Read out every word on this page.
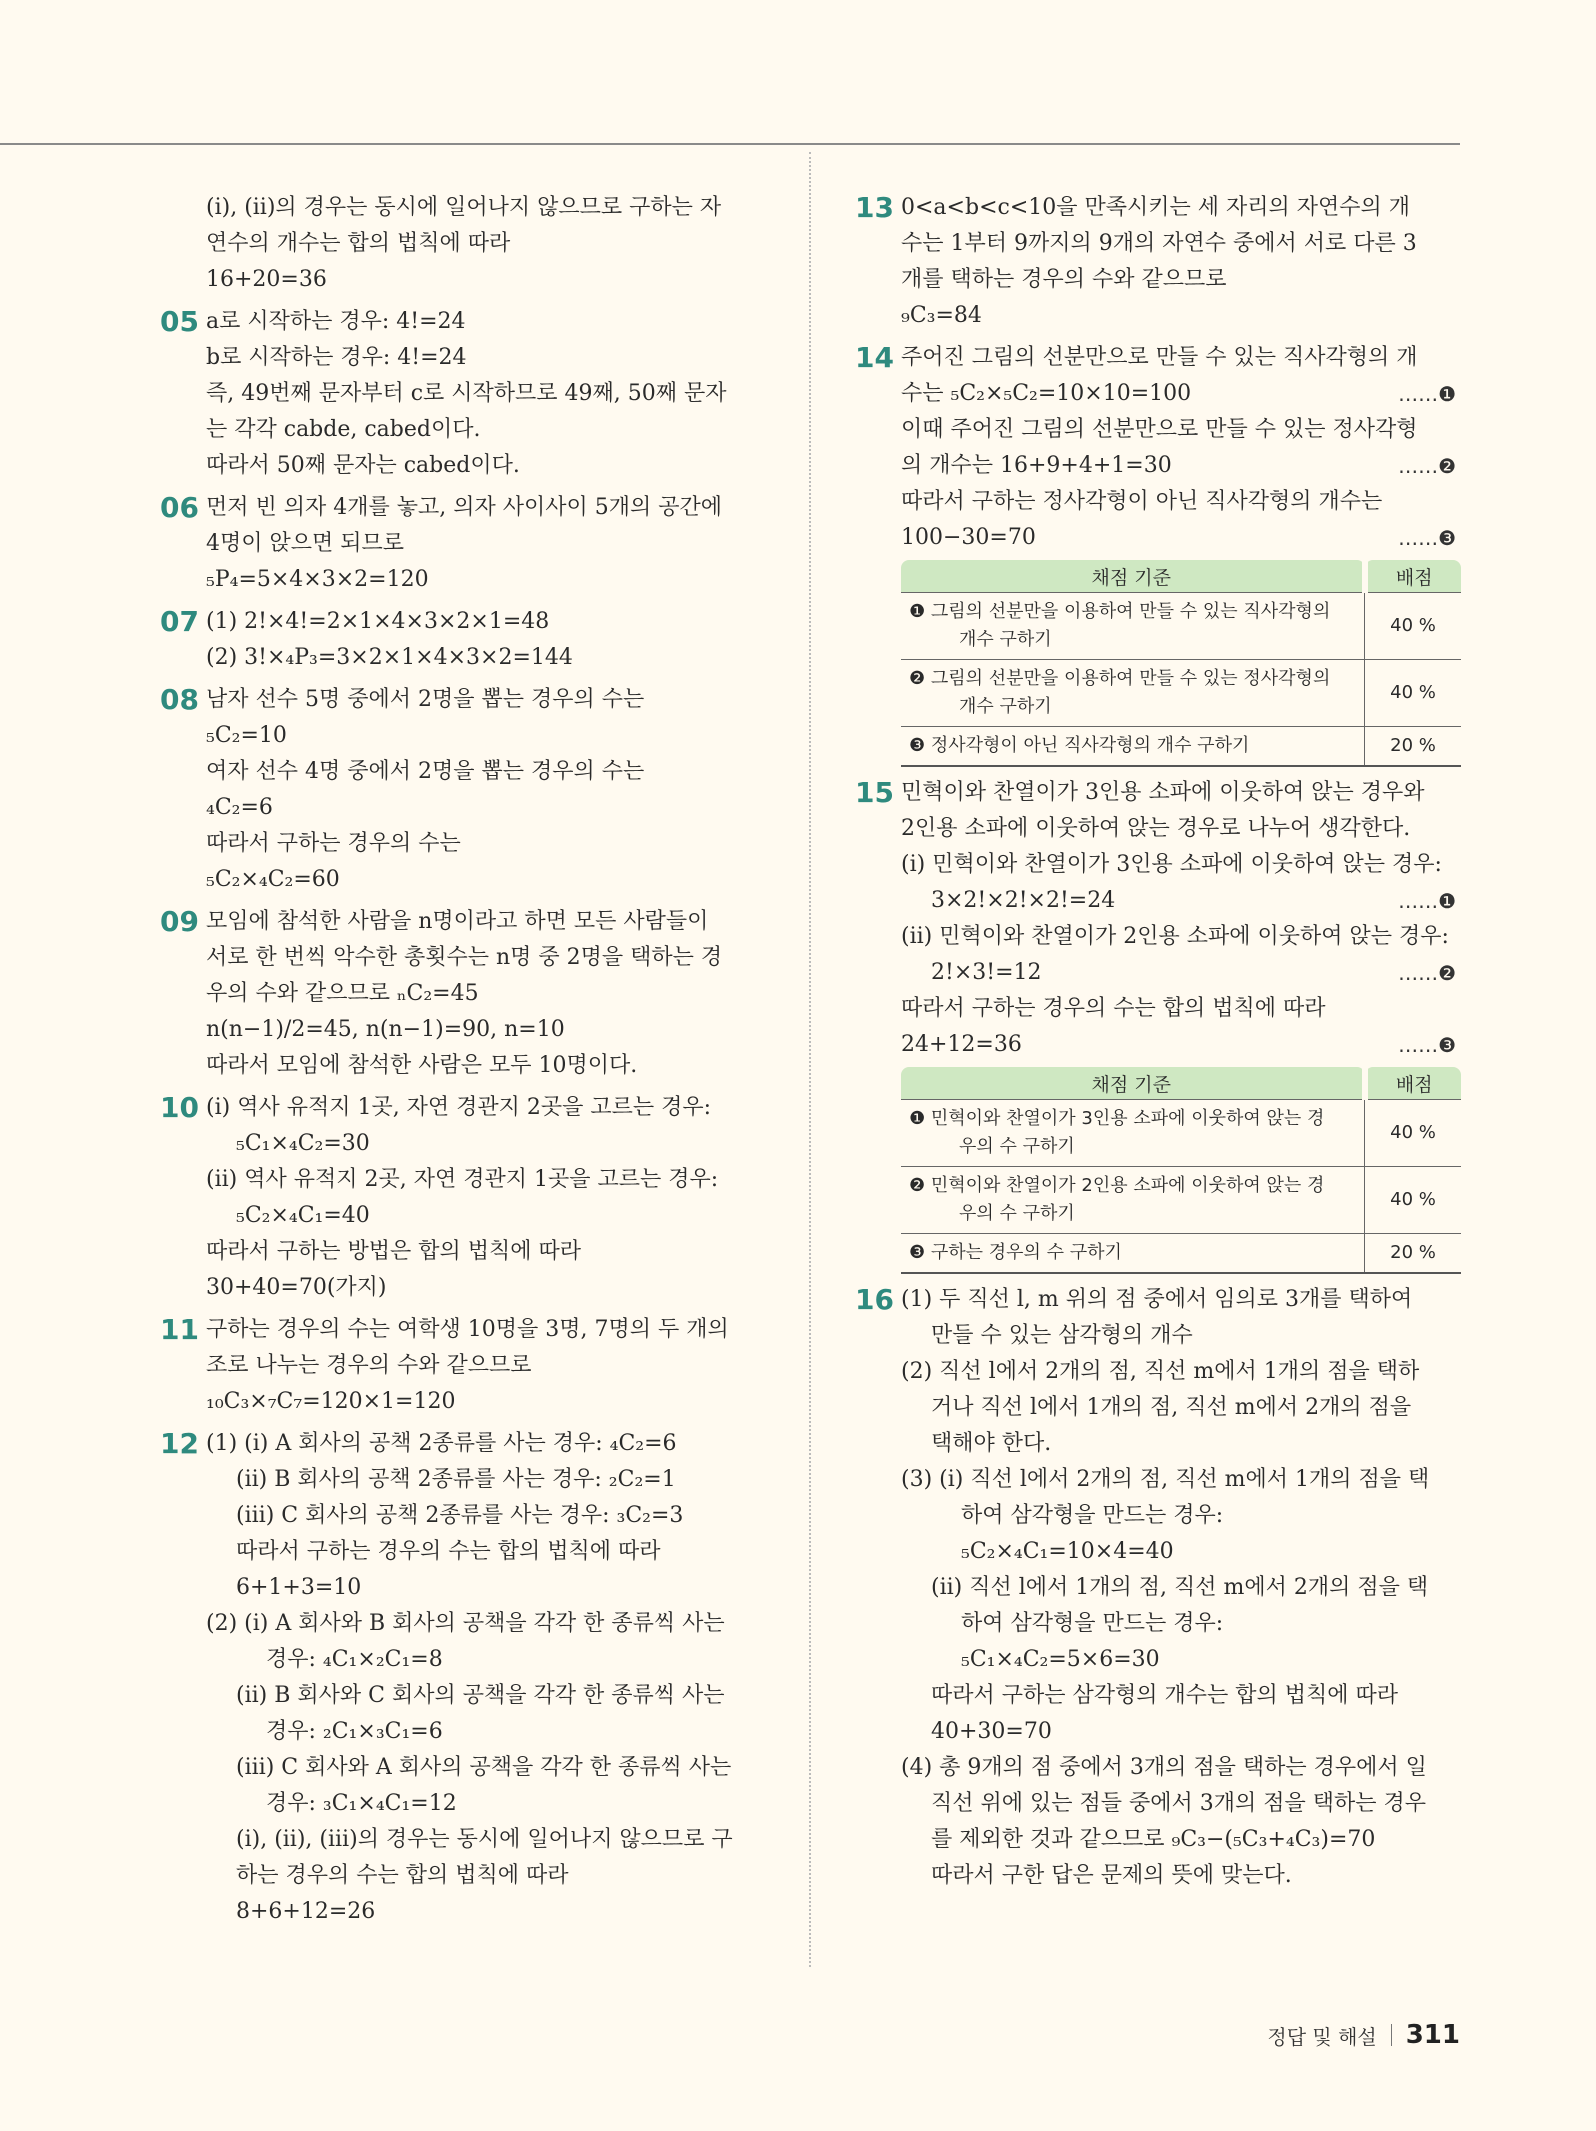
(ⅰ), (ⅱ)의 경우는 동시에 일어나지 않으므로 구하는 자
연수의 개수는 합의 법칙에 따라
16+20=36
05 a로 시작하는 경우: 4!=24
b로 시작하는 경우: 4!=24
즉, 49번째 문자부터 c로 시작하므로 49째, 50째 문자
는 각각 cabde, cabed이다.
따라서 50째 문자는 cabed이다.
06 먼저 빈 의자 4개를 놓고, 의자 사이사이 5개의 공간에
4명이 앉으면 되므로
₅P₄=5×4×3×2=120
07 (1) 2!×4!=2×1×4×3×2×1=48
(2) 3!×₄P₃=3×2×1×4×3×2=144
08 남자 선수 5명 중에서 2명을 뽑는 경우의 수는
₅C₂=10
여자 선수 4명 중에서 2명을 뽑는 경우의 수는
₄C₂=6
따라서 구하는 경우의 수는
₅C₂×₄C₂=60
09 모임에 참석한 사람을 n명이라고 하면 모든 사람들이
서로 한 번씩 악수한 총횟수는 n명 중 2명을 택하는 경
우의 수와 같으므로 ₙC₂=45
n(n−1)/2=45, n(n−1)=90, n=10
따라서 모임에 참석한 사람은 모두 10명이다.
10 (ⅰ) 역사 유적지 1곳, 자연 경관지 2곳을 고르는 경우:
₅C₁×₄C₂=30
(ⅱ) 역사 유적지 2곳, 자연 경관지 1곳을 고르는 경우:
₅C₂×₄C₁=40
따라서 구하는 방법은 합의 법칙에 따라
30+40=70(가지)
11 구하는 경우의 수는 여학생 10명을 3명, 7명의 두 개의
조로 나누는 경우의 수와 같으므로
₁₀C₃×₇C₇=120×1=120
12 (1) (ⅰ) A 회사의 공책 2종류를 사는 경우: ₄C₂=6
(ⅱ) B 회사의 공책 2종류를 사는 경우: ₂C₂=1
(ⅲ) C 회사의 공책 2종류를 사는 경우: ₃C₂=3
따라서 구하는 경우의 수는 합의 법칙에 따라
6+1+3=10
(2) (ⅰ) A 회사와 B 회사의 공책을 각각 한 종류씩 사는
경우: ₄C₁×₂C₁=8
(ⅱ) B 회사와 C 회사의 공책을 각각 한 종류씩 사는
경우: ₂C₁×₃C₁=6
(ⅲ) C 회사와 A 회사의 공책을 각각 한 종류씩 사는
경우: ₃C₁×₄C₁=12
(ⅰ), (ⅱ), (ⅲ)의 경우는 동시에 일어나지 않으므로 구
하는 경우의 수는 합의 법칙에 따라
8+6+12=26
13 0<a<b<c<10을 만족시키는 세 자리의 자연수의 개
수는 1부터 9까지의 9개의 자연수 중에서 서로 다른 3
개를 택하는 경우의 수와 같으므로
₉C₃=84
14 주어진 그림의 선분만으로 만들 수 있는 직사각형의 개
수는 ₅C₂×₅C₂=10×10=100	……❶
이때 주어진 그림의 선분만으로 만들 수 있는 정사각형
의 개수는 16+9+4+1=30	……❷
따라서 구하는 정사각형이 아닌 직사각형의 개수는
100−30=70	……❸
채점 기준	배점

❶ 그림의 선분만을 이용하여 만들 수 있는 직사각형의
개수 구하기	40 %

❷ 그림의 선분만을 이용하여 만들 수 있는 정사각형의
개수 구하기	40 %

❸ 정사각형이 아닌 직사각형의 개수 구하기	20 %
15 민혁이와 찬열이가 3인용 소파에 이웃하여 앉는 경우와
2인용 소파에 이웃하여 앉는 경우로 나누어 생각한다.
(ⅰ) 민혁이와 찬열이가 3인용 소파에 이웃하여 앉는 경우:
3×2!×2!×2!=24	……❶
(ⅱ) 민혁이와 찬열이가 2인용 소파에 이웃하여 앉는 경우:
2!×3!=12	……❷
따라서 구하는 경우의 수는 합의 법칙에 따라
24+12=36	……❸
채점 기준	배점

❶ 민혁이와 찬열이가 3인용 소파에 이웃하여 앉는 경
우의 수 구하기	40 %

❷ 민혁이와 찬열이가 2인용 소파에 이웃하여 앉는 경
우의 수 구하기	40 %

❸ 구하는 경우의 수 구하기	20 %
16 (1) 두 직선 l, m 위의 점 중에서 임의로 3개를 택하여
만들 수 있는 삼각형의 개수
(2) 직선 l에서 2개의 점, 직선 m에서 1개의 점을 택하
거나 직선 l에서 1개의 점, 직선 m에서 2개의 점을
택해야 한다.
(3) (ⅰ) 직선 l에서 2개의 점, 직선 m에서 1개의 점을 택
하여 삼각형을 만드는 경우:
₅C₂×₄C₁=10×4=40
(ⅱ) 직선 l에서 1개의 점, 직선 m에서 2개의 점을 택
하여 삼각형을 만드는 경우:
₅C₁×₄C₂=5×6=30
따라서 구하는 삼각형의 개수는 합의 법칙에 따라
40+30=70
(4) 총 9개의 점 중에서 3개의 점을 택하는 경우에서 일
직선 위에 있는 점들 중에서 3개의 점을 택하는 경우
를 제외한 것과 같으므로 ₉C₃−(₅C₃+₄C₃)=70
따라서 구한 답은 문제의 뜻에 맞는다.
정답 및 해설 311
